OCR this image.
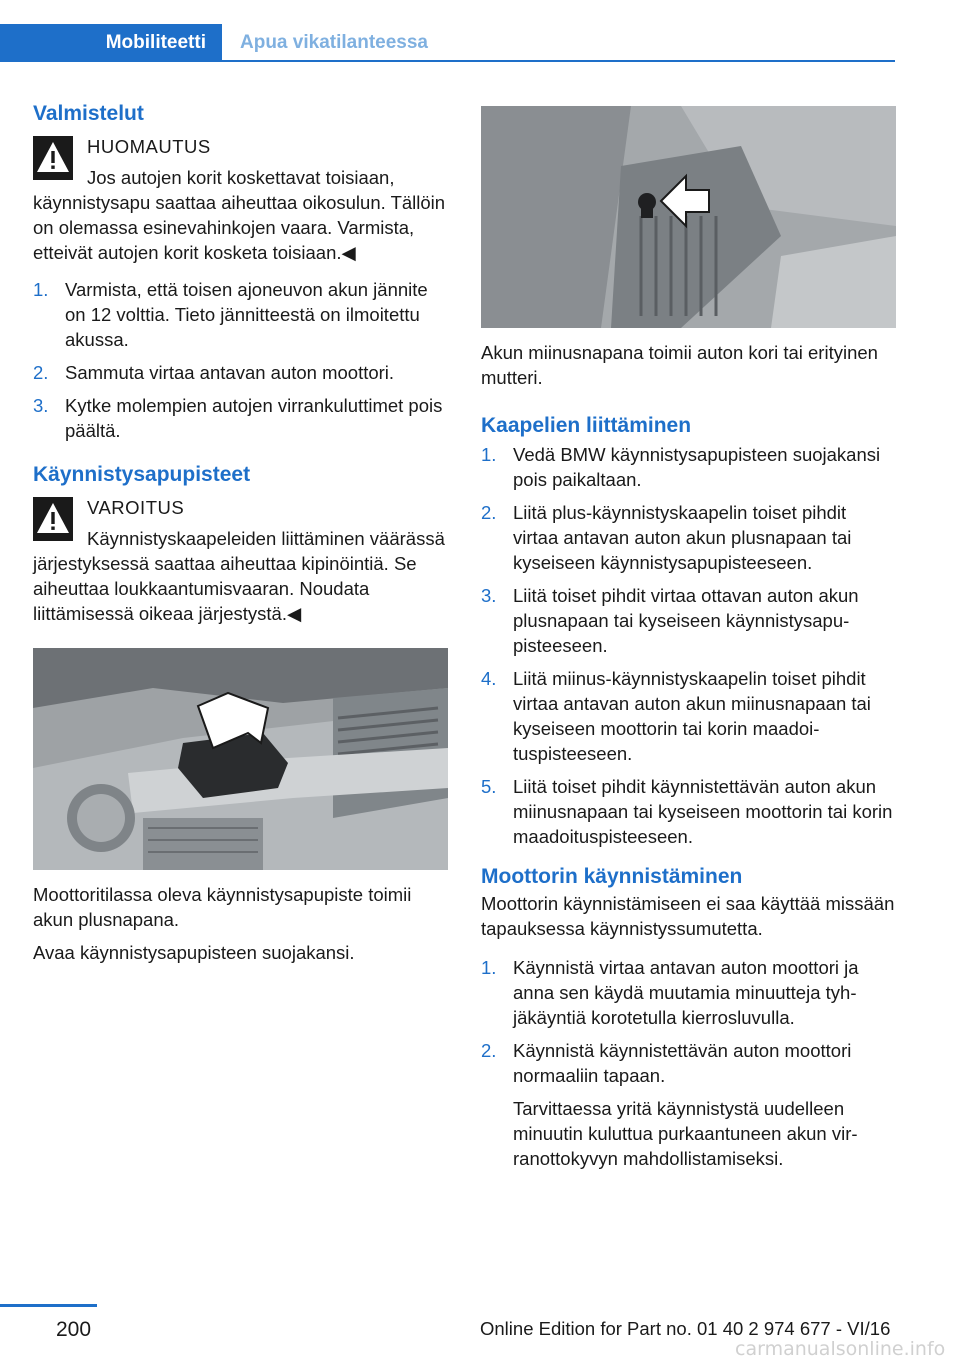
Mobiliteetti	Apua vikatilanteessa
Valmistelut
HUOMAUTUS

Jos autojen korit koskettavat toisiaan, käynnistysapu saattaa aiheuttaa oikosulun. Tällöin on olemassa esinevahinkojen vaara. Varmista, etteivät autojen korit kosketa toisiaan.◀

1. Varmista, että toisen ajoneuvon akun jännite on 12 volttia. Tieto jännitteestä on ilmoitettu akussa.
2. Sammuta virtaa antavan auton moottori.
3. Kytke molempien autojen virrankuluttimet pois päältä.
Käynnistysapupisteet
VAROITUS

Käynnistyskaapeleiden liittäminen väärässä järjestyksessä saattaa aiheuttaa kipinöintiä. Se aiheuttaa loukkaantumisvaaran. Noudata liittämisessä oikeaa järjestystä.◀

Moottoritilassa oleva käynnistysapupiste toimii akun plusnapana.

Avaa käynnistysapupisteen suojakansi.

Akun miinusnapana toimii auton kori tai erityinen mutteri.

Kaapelien liittäminen
1. Vedä BMW käynnistysapupisteen suojakansi pois paikaltaan.
2. Liitä plus-käynnistyskaapelin toiset pihdit virtaa antavan auton akun plusnapaan tai kyseiseen käynnistysapupisteeseen.
3. Liitä toiset pihdit virtaa ottavan auton akun plusnapaan tai kyseiseen käynnistysapupisteeseen.
4. Liitä miinus-käynnistyskaapelin toiset pihdit virtaa antavan auton akun miinusnapaan tai kyseiseen moottorin tai korin maadoituspisteeseen.
5. Liitä toiset pihdit käynnistettävän auton akun miinusnapaan tai kyseiseen moottorin tai korin maadoituspisteeseen.
Moottorin käynnistäminen

Moottorin käynnistämiseen ei saa käyttää missään tapauksessa käynnistyssumutetta.

1. Käynnistä virtaa antavan auton moottori ja anna sen käydä muutamia minuutteja tyhjäkäyntiä korotetulla kierrosluvulla.
2. Käynnistä käynnistettävän auton moottori normaaliin tapaan.

Tarvittaessa yritä käynnistystä uudelleen minuutin kuluttua purkaantuneen akun virranottokyvyn mahdollistamiseksi.

200	Online Edition for Part no. 01 40 2 974 677 - VI/16
carmanualsonline.info
